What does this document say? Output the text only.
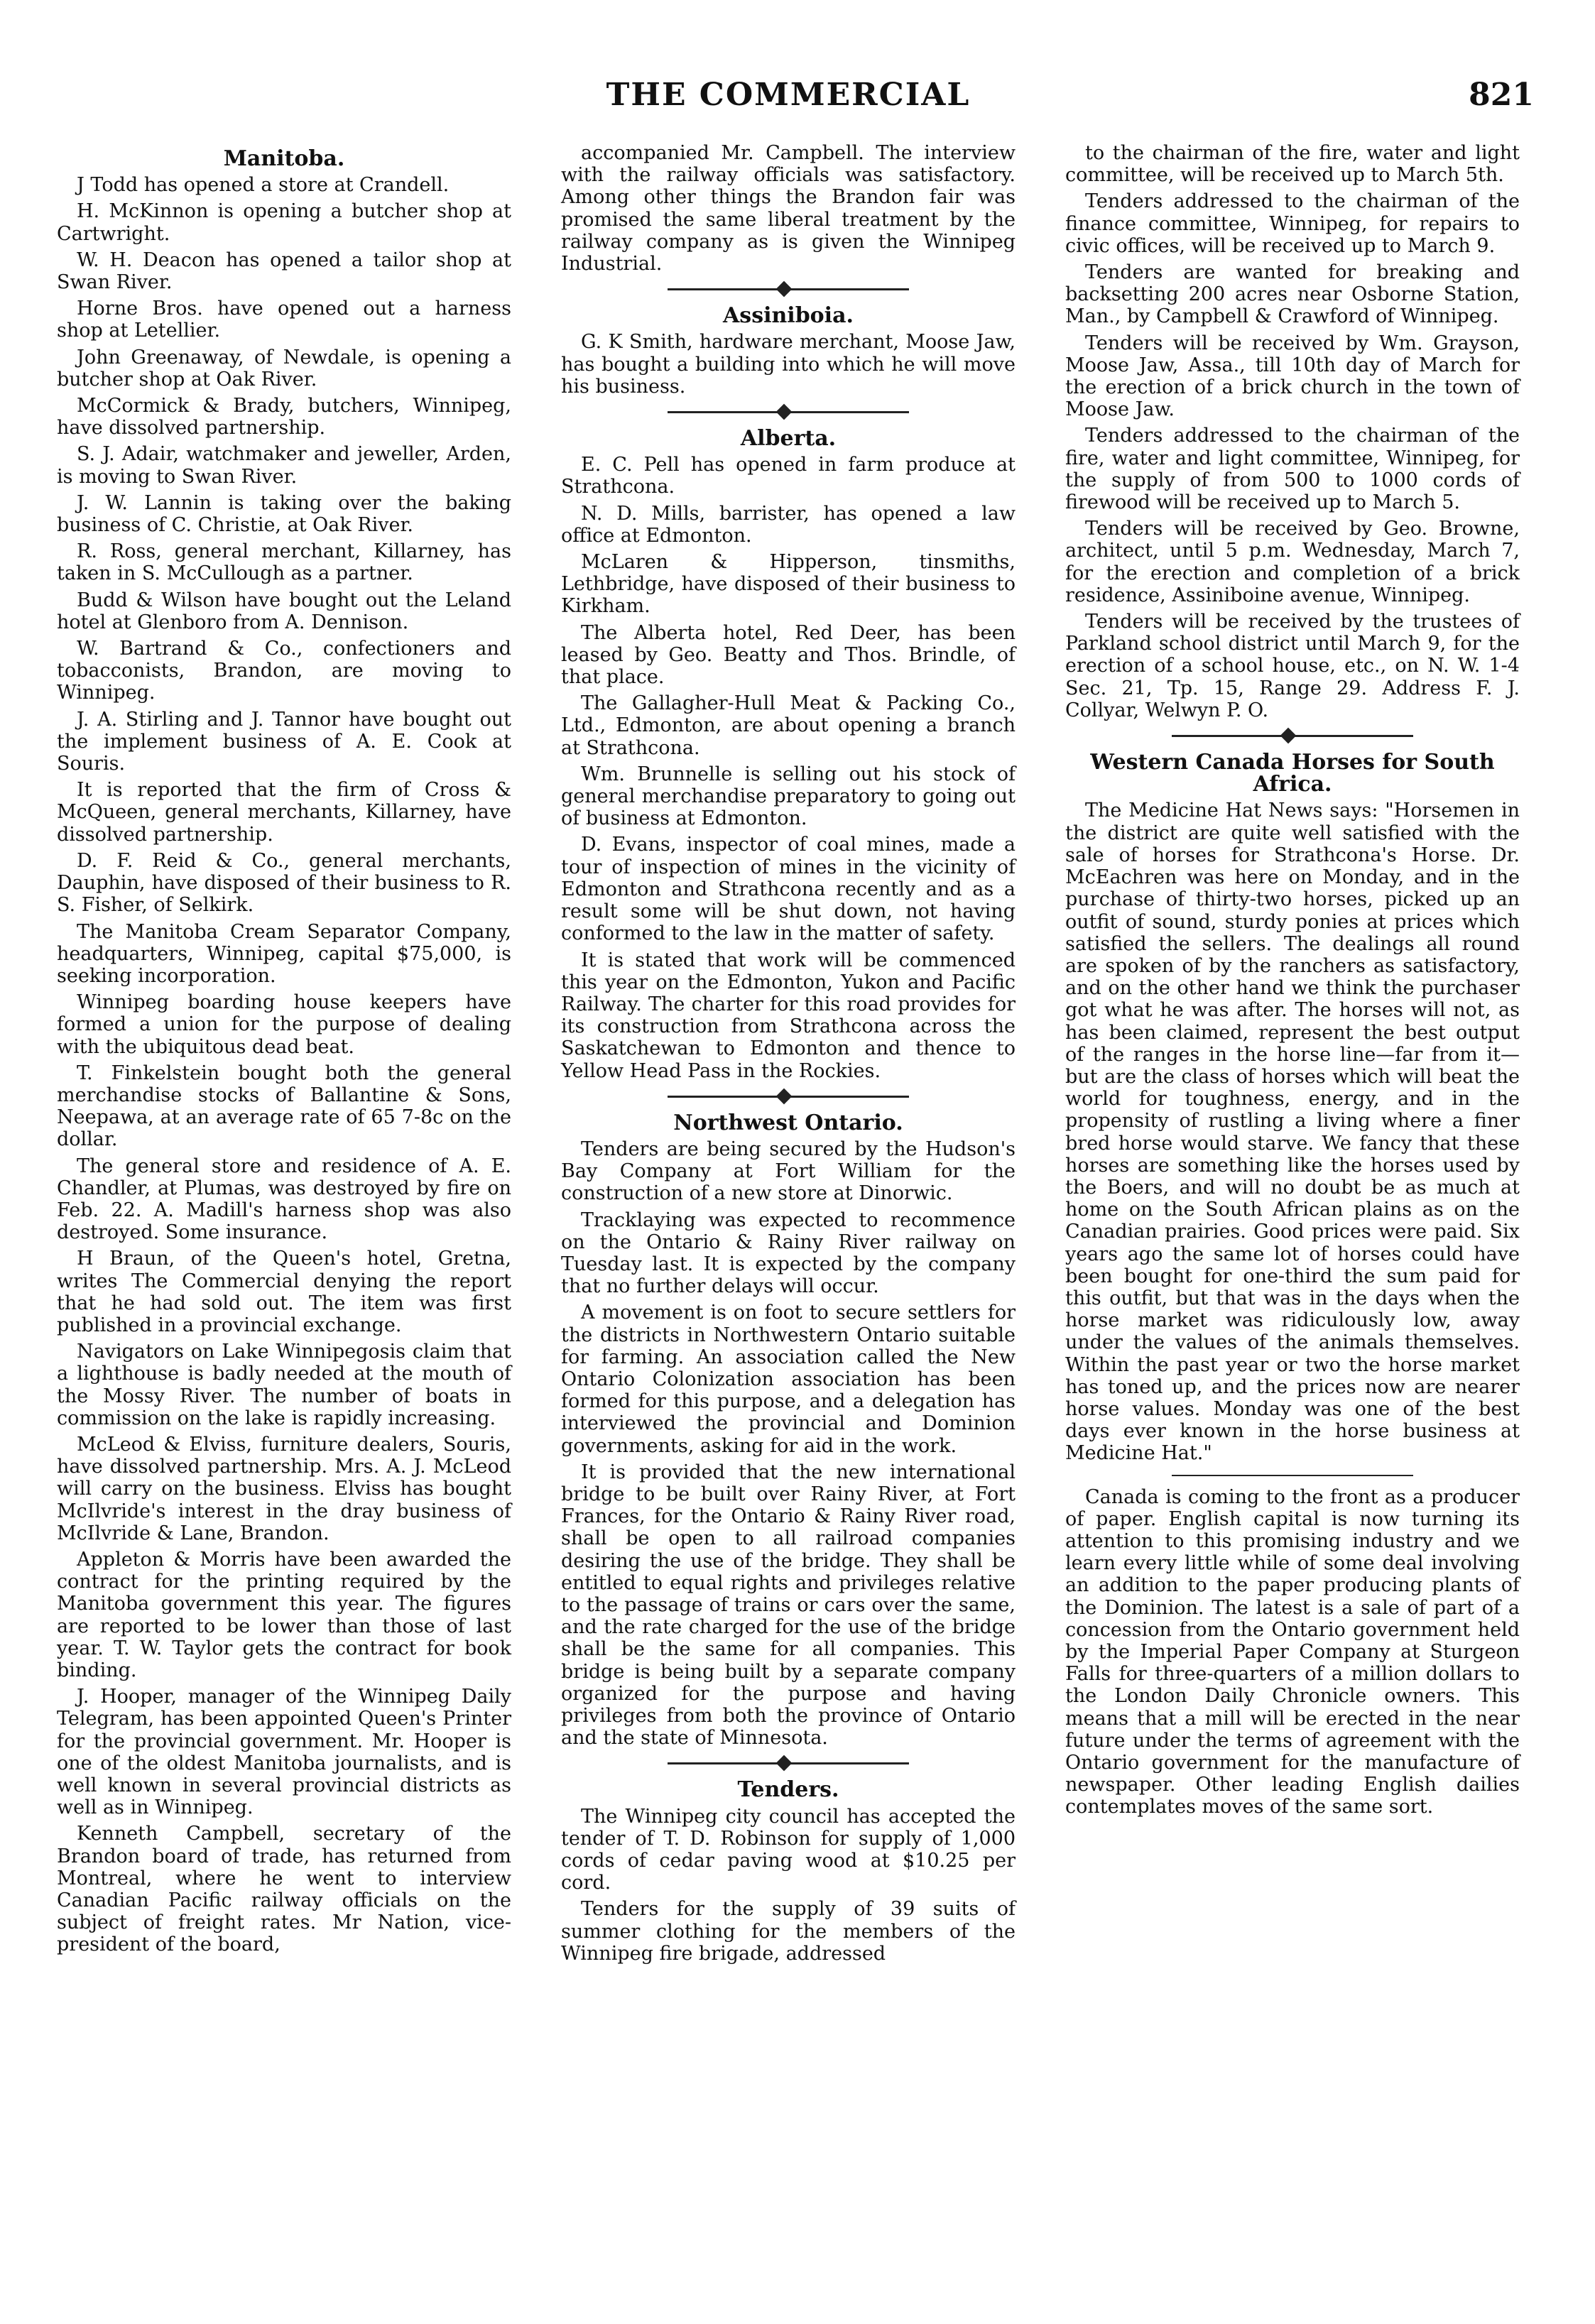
THE COMMERCIAL	821
Manitoba.

J Todd has opened a store at Crandell.

H. McKinnon is opening a butcher shop at Cartwright.

W. H. Deacon has opened a tailor shop at Swan River.

Horne Bros. have opened out a harness shop at Letellier.

John Greenaway, of Newdale, is opening a butcher shop at Oak River.

McCormick & Brady, butchers, Winnipeg, have dissolved partnership.

S. J. Adair, watchmaker and jeweller, Arden, is moving to Swan River.

J. W. Lannin is taking over the baking business of C. Christie, at Oak River.

R. Ross, general merchant, Killarney, has taken in S. McCullough as a partner.

Budd & Wilson have bought out the Leland hotel at Glenboro from A. Dennison.

W. Bartrand & Co., confectioners and tobacconists, Brandon, are moving to Winnipeg.

J. A. Stirling and J. Tannor have bought out the implement business of A. E. Cook at Souris.

It is reported that the firm of Cross & McQueen, general merchants, Killarney, have dissolved partnership.

D. F. Reid & Co., general merchants, Dauphin, have disposed of their business to R. S. Fisher, of Selkirk.

The Manitoba Cream Separator Company, headquarters, Winnipeg, capital $75,000, is seeking incorporation.

Winnipeg boarding house keepers have formed a union for the purpose of dealing with the ubiquitous dead beat.

T. Finkelstein bought both the general merchandise stocks of Ballantine & Sons, Neepawa, at an average rate of 65 7-8c on the dollar.

The general store and residence of A. E. Chandler, at Plumas, was destroyed by fire on Feb. 22. A. Madill's harness shop was also destroyed. Some insurance.

H Braun, of the Queen's hotel, Gretna, writes The Commercial denying the report that he had sold out. The item was first published in a provincial exchange.

Navigators on Lake Winnipegosis claim that a lighthouse is badly needed at the mouth of the Mossy River. The number of boats in commission on the lake is rapidly increasing.

McLeod & Elviss, furniture dealers, Souris, have dissolved partnership. Mrs. A. J. McLeod will carry on the business. Elviss has bought McIlvride's interest in the dray business of McIlvride & Lane, Brandon.

Appleton & Morris have been awarded the contract for the printing required by the Manitoba government this year. The figures are reported to be lower than those of last year. T. W. Taylor gets the contract for book binding.

J. Hooper, manager of the Winnipeg Daily Telegram, has been appointed Queen's Printer for the provincial government. Mr. Hooper is one of the oldest Manitoba journalists, and is well known in several provincial districts as well as in Winnipeg.

Kenneth Campbell, secretary of the Brandon board of trade, has returned from Montreal, where he went to interview Canadian Pacific railway officials on the subject of freight rates. Mr Nation, vice-president of the board,

accompanied Mr. Campbell. The interview with the railway officials was satisfactory. Among other things the Brandon fair was promised the same liberal treatment by the railway company as is given the Winnipeg Industrial.

Assiniboia.

G. K Smith, hardware merchant, Moose Jaw, has bought a building into which he will move his business.

Alberta.

E. C. Pell has opened in farm produce at Strathcona.

N. D. Mills, barrister, has opened a law office at Edmonton.

McLaren & Hipperson, tinsmiths, Lethbridge, have disposed of their business to Kirkham.

The Alberta hotel, Red Deer, has been leased by Geo. Beatty and Thos. Brindle, of that place.

The Gallagher-Hull Meat & Packing Co., Ltd., Edmonton, are about opening a branch at Strathcona.

Wm. Brunnelle is selling out his stock of general merchandise preparatory to going out of business at Edmonton.

D. Evans, inspector of coal mines, made a tour of inspection of mines in the vicinity of Edmonton and Strathcona recently and as a result some will be shut down, not having conformed to the law in the matter of safety.

It is stated that work will be commenced this year on the Edmonton, Yukon and Pacific Railway. The charter for this road provides for its construction from Strathcona across the Saskatchewan to Edmonton and thence to Yellow Head Pass in the Rockies.

Northwest Ontario.

Tenders are being secured by the Hudson's Bay Company at Fort William for the construction of a new store at Dinorwic.

Tracklaying was expected to recommence on the Ontario & Rainy River railway on Tuesday last. It is expected by the company that no further delays will occur.

A movement is on foot to secure settlers for the districts in Northwestern Ontario suitable for farming. An association called the New Ontario Colonization association has been formed for this purpose, and a delegation has interviewed the provincial and Dominion governments, asking for aid in the work.

It is provided that the new international bridge to be built over Rainy River, at Fort Frances, for the Ontario & Rainy River road, shall be open to all railroad companies desiring the use of the bridge. They shall be entitled to equal rights and privileges relative to the passage of trains or cars over the same, and the rate charged for the use of the bridge shall be the same for all companies. This bridge is being built by a separate company organized for the purpose and having privileges from both the province of Ontario and the state of Minnesota.

Tenders.

The Winnipeg city council has accepted the tender of T. D. Robinson for supply of 1,000 cords of cedar paving wood at $10.25 per cord.

Tenders for the supply of 39 suits of summer clothing for the members of the Winnipeg fire brigade, addressed

to the chairman of the fire, water and light committee, will be received up to March 5th.

Tenders addressed to the chairman of the finance committee, Winnipeg, for repairs to civic offices, will be received up to March 9.

Tenders are wanted for breaking and backsetting 200 acres near Osborne Station, Man., by Campbell & Crawford of Winnipeg.

Tenders will be received by Wm. Grayson, Moose Jaw, Assa., till 10th day of March for the erection of a brick church in the town of Moose Jaw.

Tenders addressed to the chairman of the fire, water and light committee, Winnipeg, for the supply of from 500 to 1000 cords of firewood will be received up to March 5.

Tenders will be received by Geo. Browne, architect, until 5 p.m. Wednesday, March 7, for the erection and completion of a brick residence, Assiniboine avenue, Winnipeg.

Tenders will be received by the trustees of Parkland school district until March 9, for the erection of a school house, etc., on N. W. 1-4 Sec. 21, Tp. 15, Range 29. Address F. J. Collyar, Welwyn P. O.

Western Canada Horses for South Africa.

The Medicine Hat News says: "Horsemen in the district are quite well satisfied with the sale of horses for Strathcona's Horse. Dr. McEachren was here on Monday, and in the purchase of thirty-two horses, picked up an outfit of sound, sturdy ponies at prices which satisfied the sellers. The dealings all round are spoken of by the ranchers as satisfactory, and on the other hand we think the purchaser got what he was after. The horses will not, as has been claimed, represent the best output of the ranges in the horse line—far from it—but are the class of horses which will beat the world for toughness, energy, and in the propensity of rustling a living where a finer bred horse would starve. We fancy that these horses are something like the horses used by the Boers, and will no doubt be as much at home on the South African plains as on the Canadian prairies. Good prices were paid. Six years ago the same lot of horses could have been bought for one-third the sum paid for this outfit, but that was in the days when the horse market was ridiculously low, away under the values of the animals themselves. Within the past year or two the horse market has toned up, and the prices now are nearer horse values. Monday was one of the best days ever known in the horse business at Medicine Hat."

Canada is coming to the front as a producer of paper. English capital is now turning its attention to this promising industry and we learn every little while of some deal involving an addition to the paper producing plants of the Dominion. The latest is a sale of part of a concession from the Ontario government held by the Imperial Paper Company at Sturgeon Falls for three-quarters of a million dollars to the London Daily Chronicle owners. This means that a mill will be erected in the near future under the terms of agreement with the Ontario government for the manufacture of newspaper. Other leading English dailies contemplates moves of the same sort.
